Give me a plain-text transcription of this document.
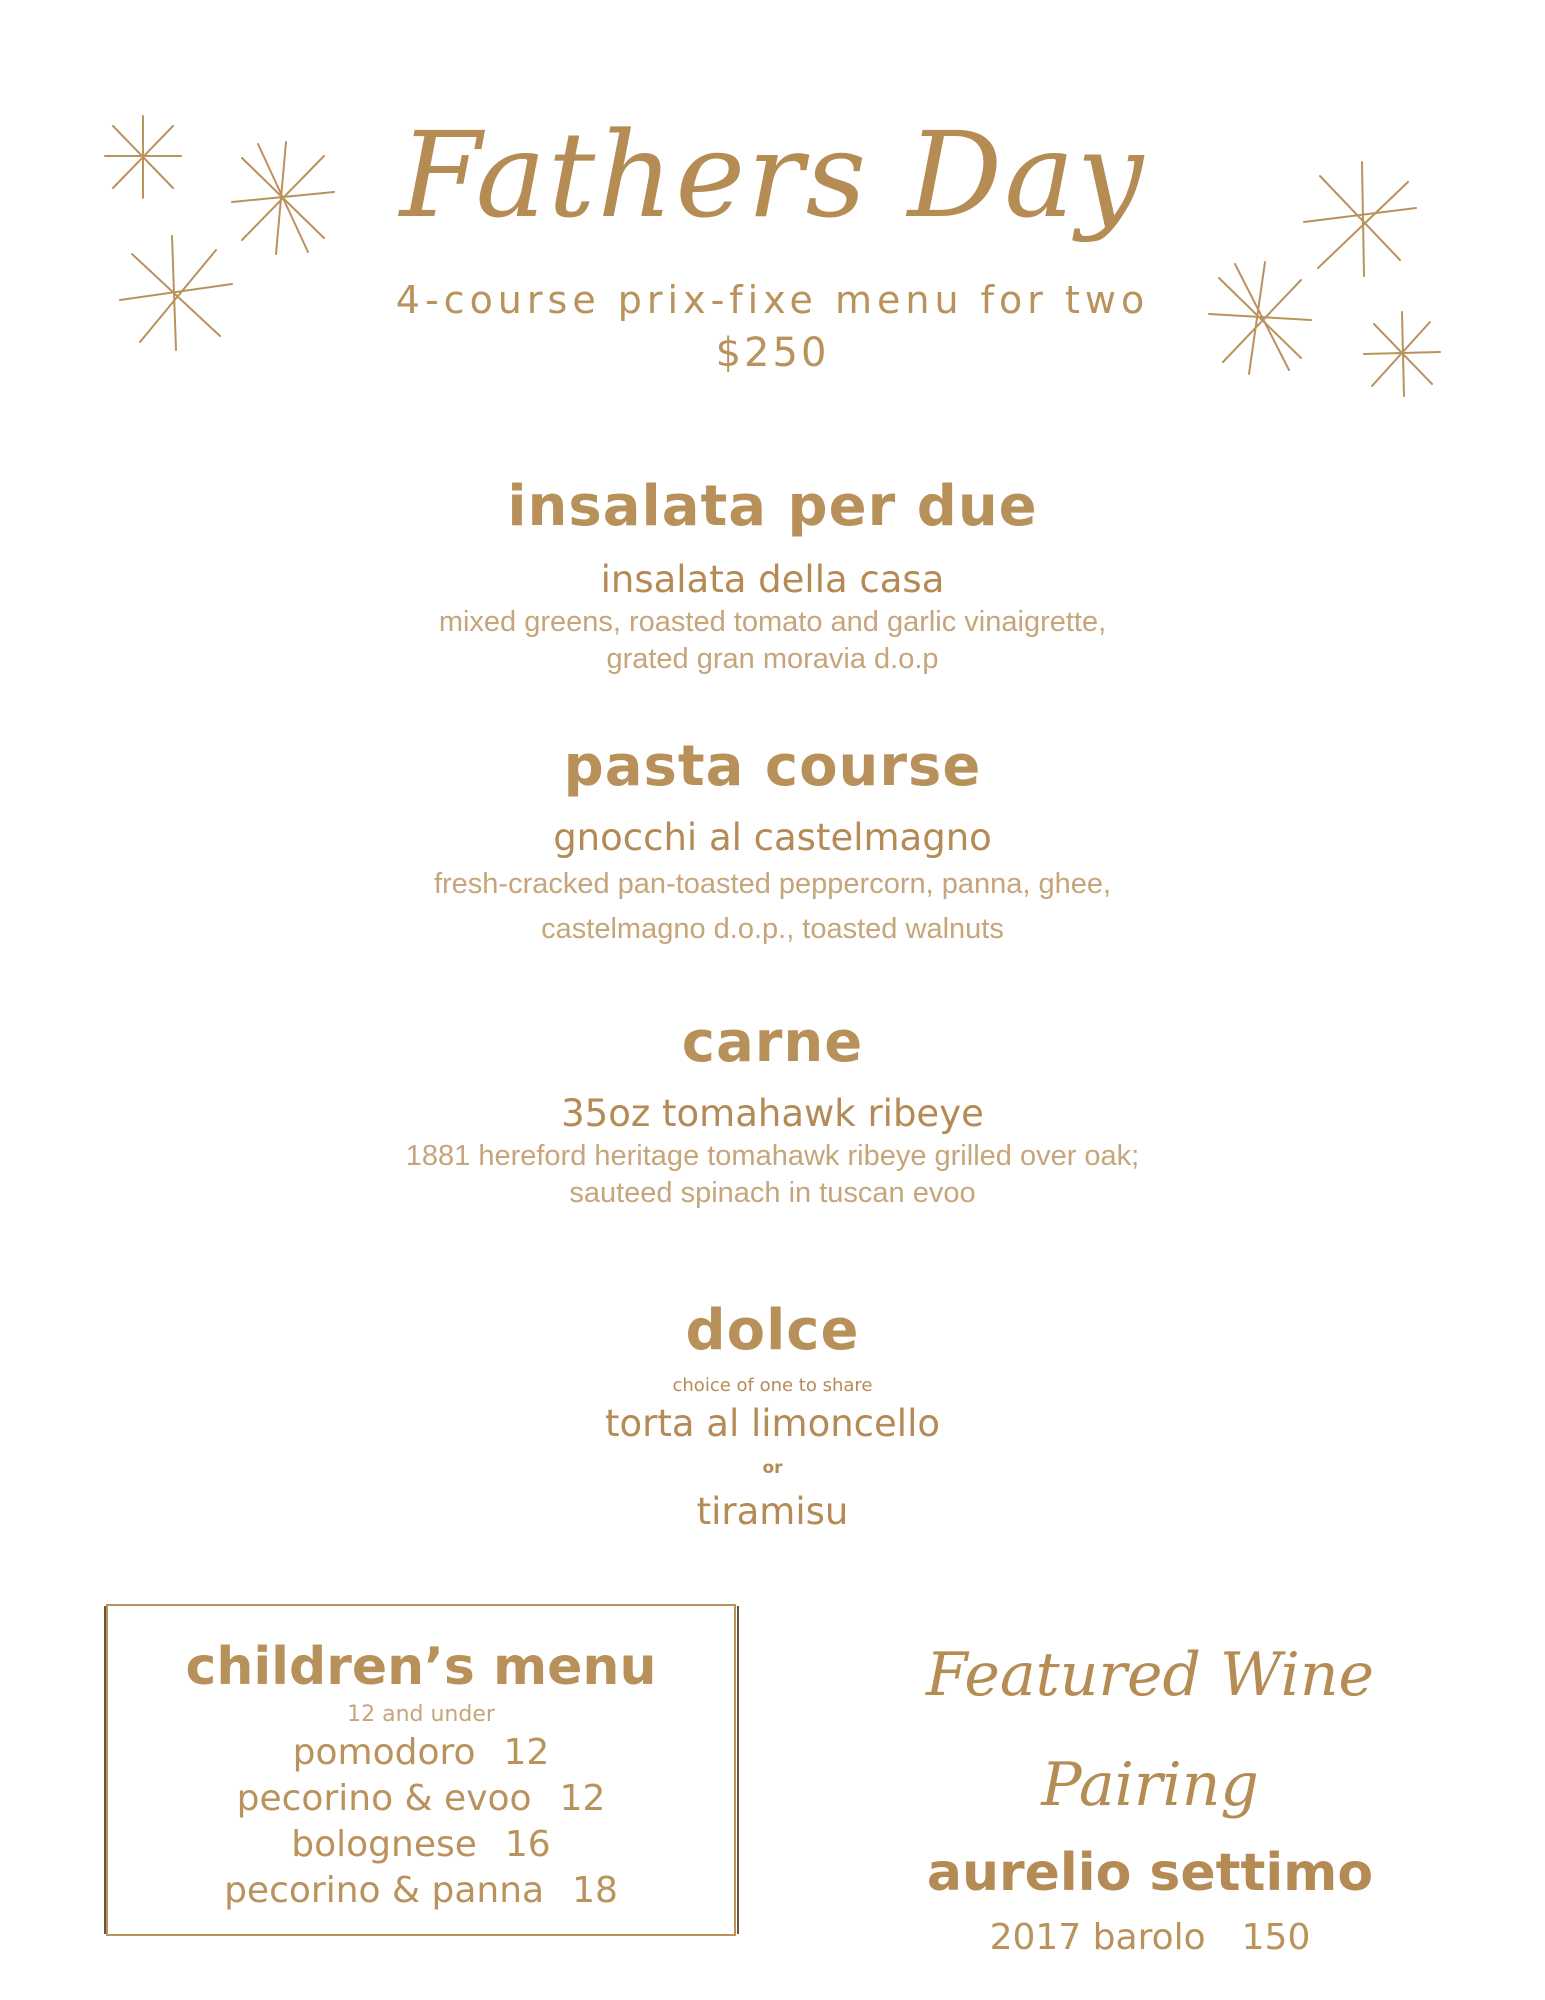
Fathers Day
4-course prix-fixe menu for two
$250
insalata per due
insalata della casa
mixed greens, roasted tomato and garlic vinaigrette,
grated gran moravia d.o.p
pasta course
gnocchi al castelmagno
fresh-cracked pan-toasted peppercorn, panna, ghee,
castelmagno d.o.p., toasted walnuts
carne
35oz tomahawk ribeye
1881 hereford heritage tomahawk ribeye grilled over oak;
sauteed spinach in tuscan evoo
dolce
choice of one to share
torta al limoncello
or
tiramisu
children’s menu
12 and under
pomodoro 12
pecorino & evoo 12
bolognese 16
pecorino & panna 18
Featured Wine Pairing
aurelio settimo
2017 barolo 150
